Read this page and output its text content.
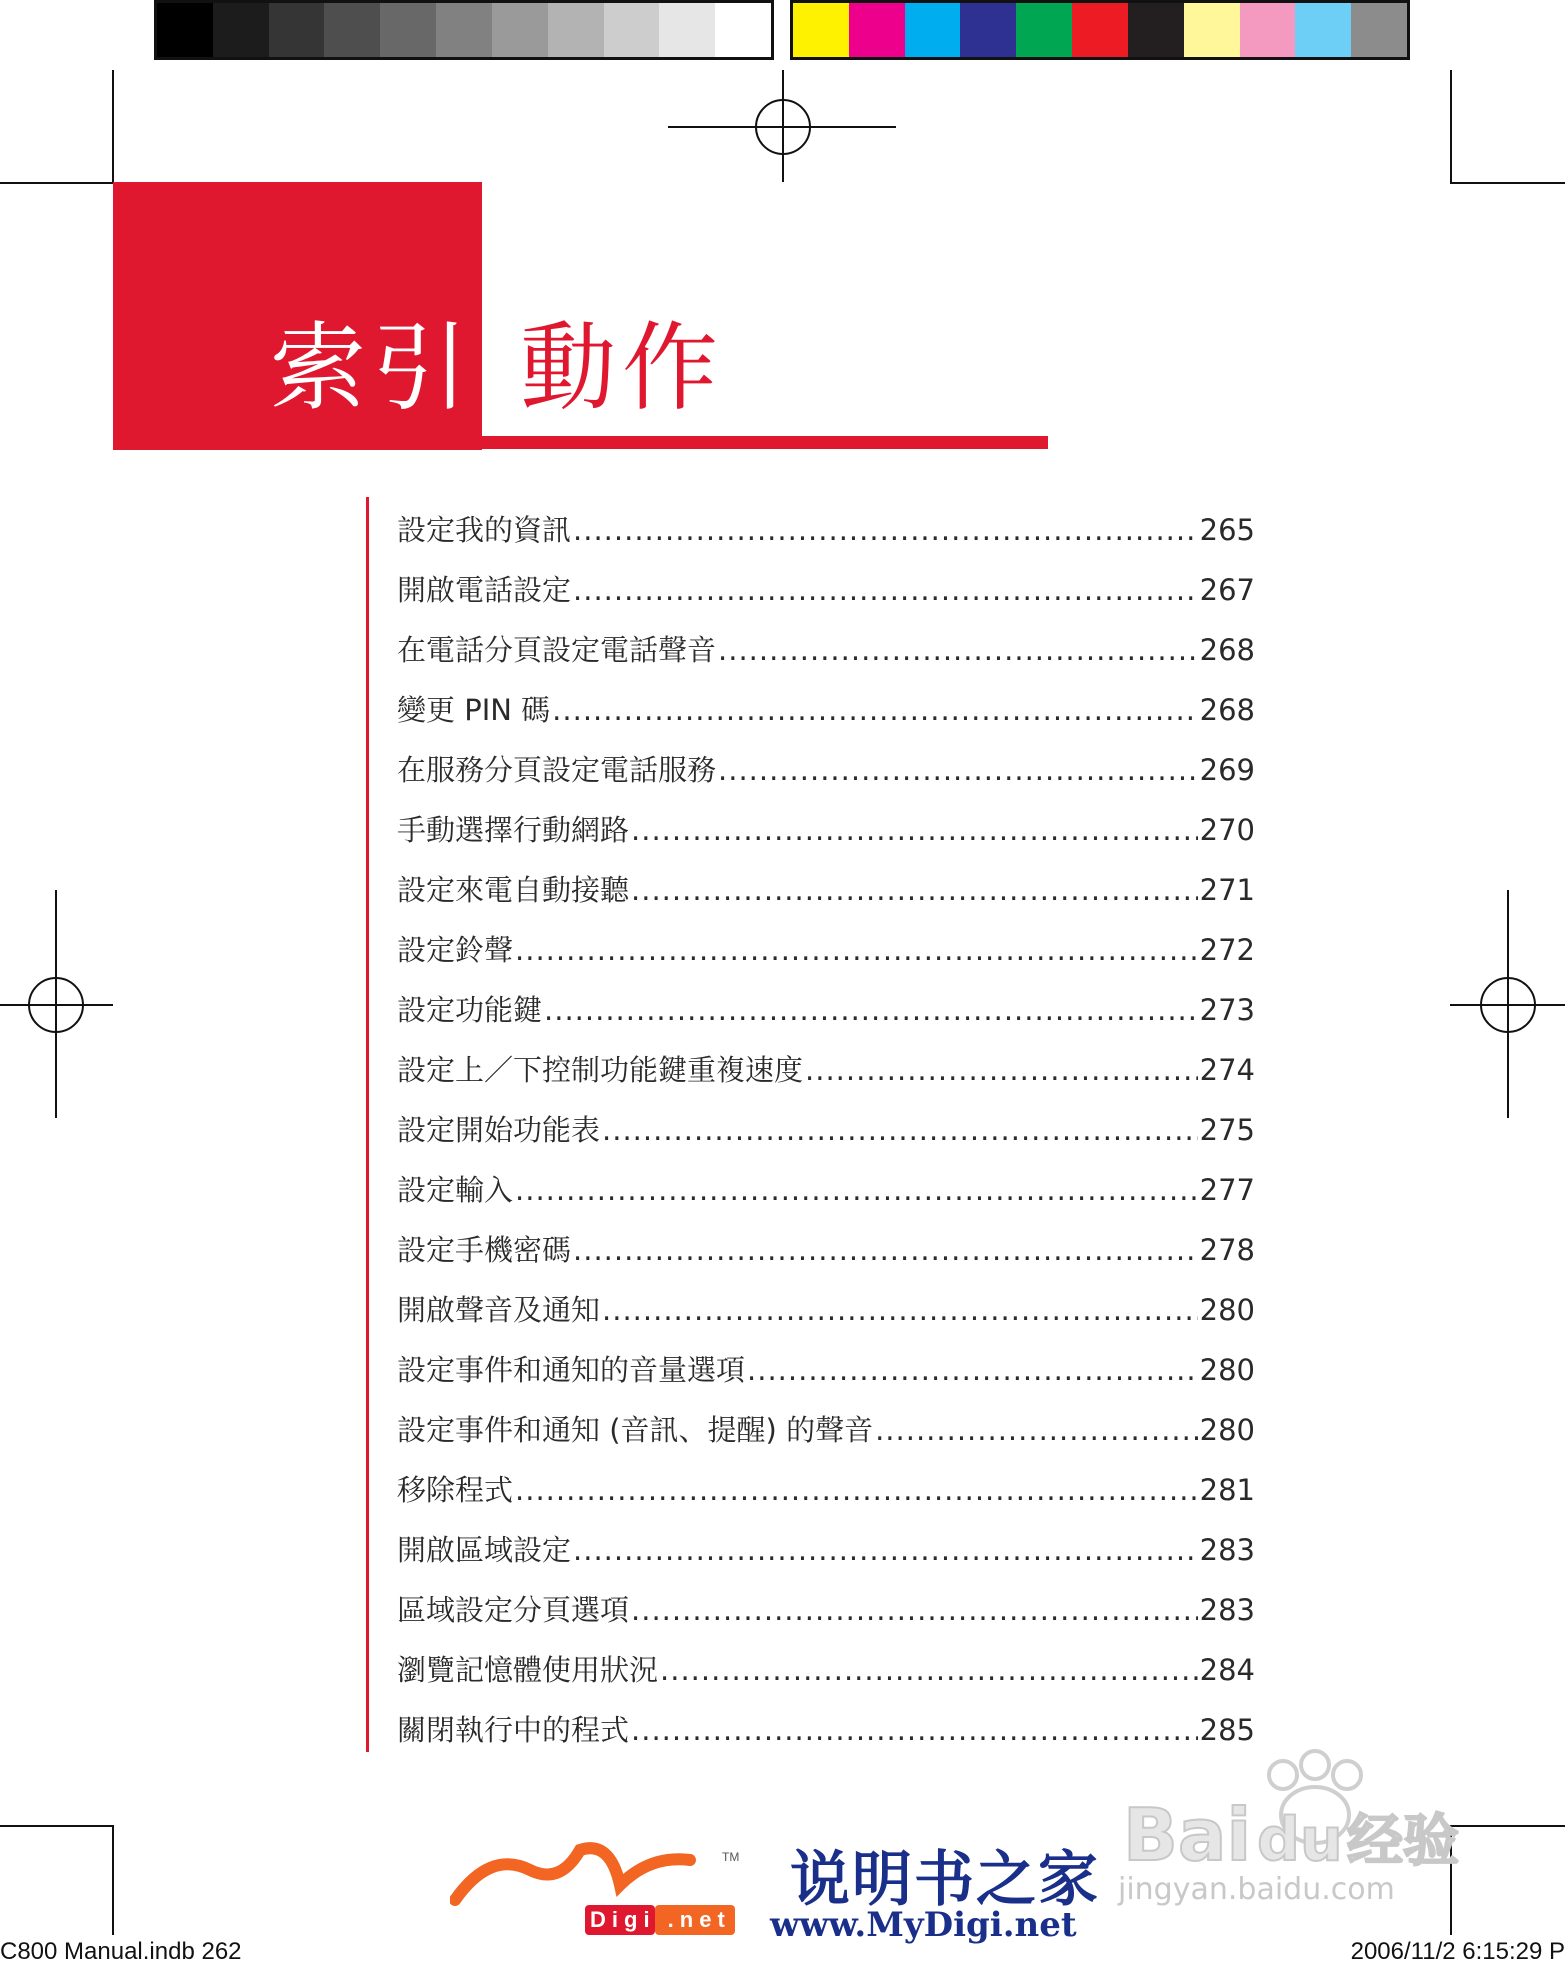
索引 動作
設定我的資訊 .....	265
開啟電話設定 .....	267
在電話分頁設定電話聲音 .....	268
變更 PIN 碼 .....	268
在服務分頁設定電話服務 .....	269
手動選擇行動網路 .....	270
設定來電自動接聽 .....	271
設定鈴聲 .....	272
設定功能鍵 .....	273
設定上／下控制功能鍵重複速度 .....	274
設定開始功能表 .....	275
設定輸入 .....	277
設定手機密碼 .....	278
開啟聲音及通知 .....	280
設定事件和通知的音量選項 .....	280
設定事件和通知 (音訊、提醒) 的聲音 .....	280
移除程式 .....	281
開啟區域設定 .....	283
區域設定分頁選項 .....	283
瀏覽記憶體使用狀況 .....	284
關閉執行中的程式 .....	285
Digi .net
TM 说明书之家
www.MyDigi.net
Bai du 经验
jingyan.baidu.com
C800 Manual.indb 262	2006/11/2 6:15:29 P
